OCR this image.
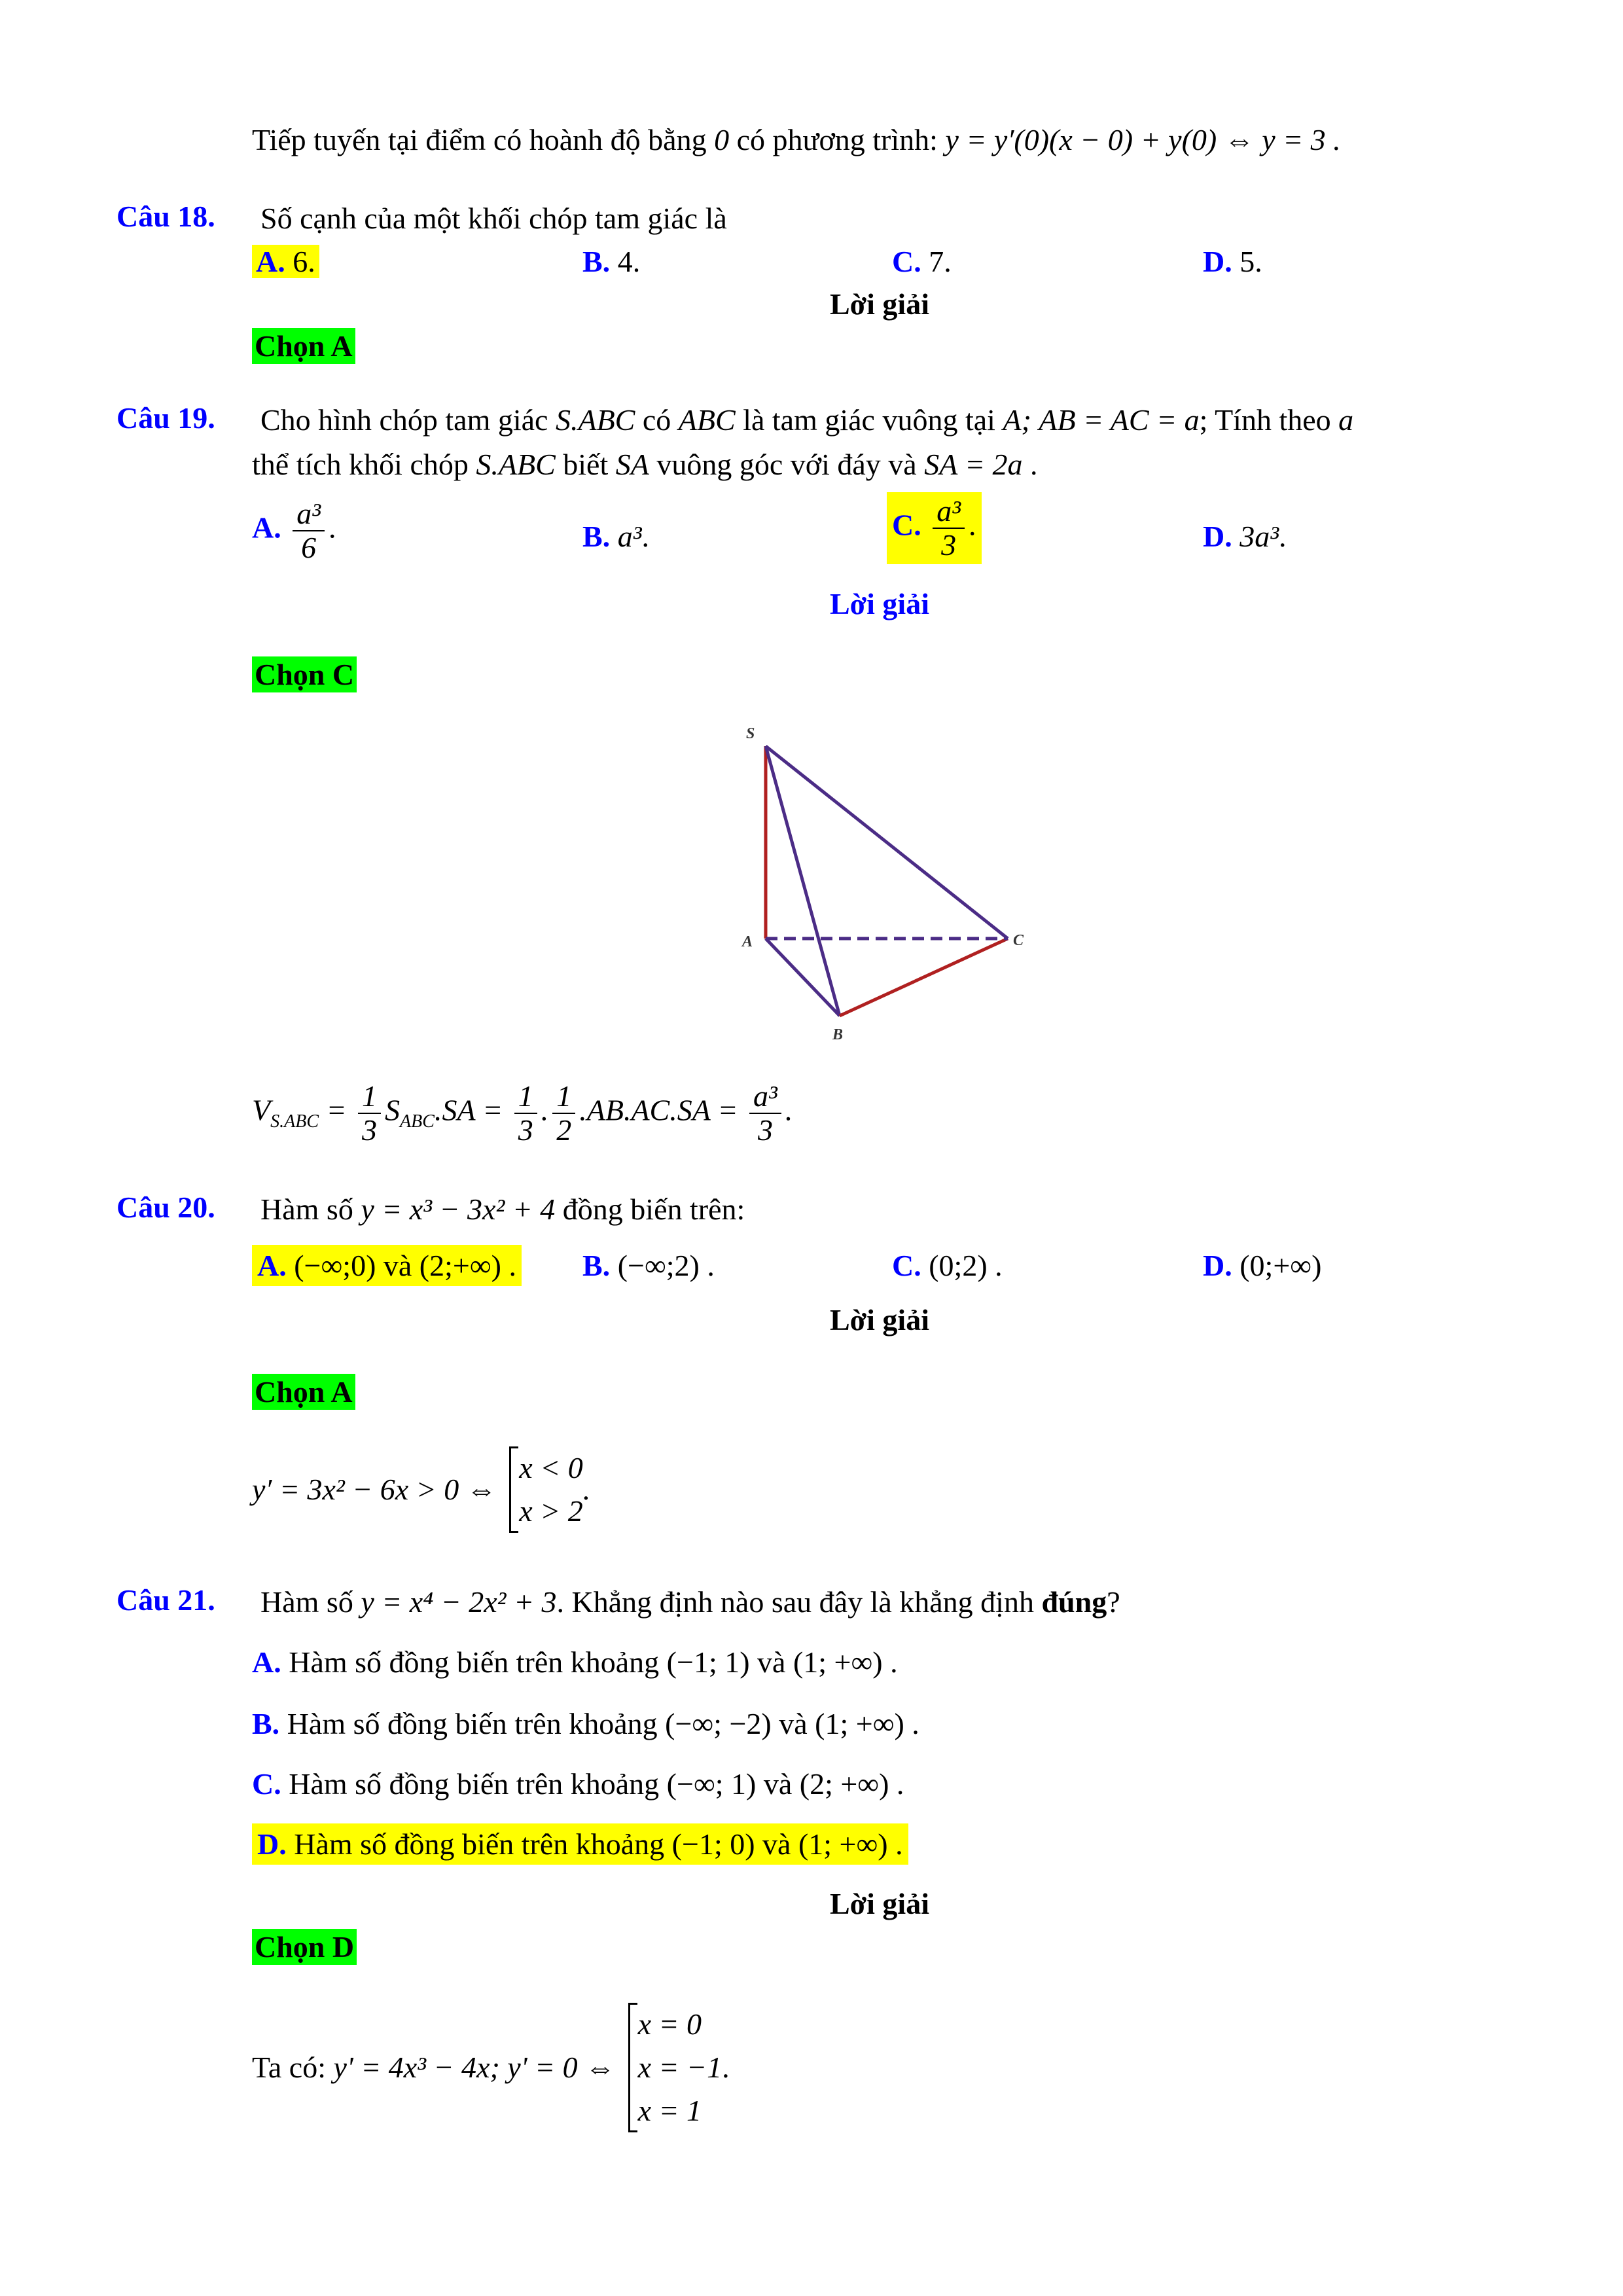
Tiếp tuyến tại điểm có hoành độ bằng 0 có phương trình: y = y′(0)(x − 0) + y(0) ⇔ y = 3 .
Câu 18. Số cạnh của một khối chóp tam giác là
A. 6.	B. 4.	C. 7.	D. 5.
Lời giải
Chọn A
Câu 19. Cho hình chóp tam giác S.ABC có ABC là tam giác vuông tại A; AB = AC = a; Tính theo a
thể tích khối chóp S.ABC biết SA vuông góc với đáy và SA = 2a .
A. $\frac{\text{a³}}{6}$ .	B. a³.	C. $\frac{\text{a³}}{3}$ .	D. 3a³.
Lời giải
Chọn C
S
A
B
C
$V_{S.ABC} = \frac{1}{3} S_{ABC}.SA = \frac{1}{3}$ . $\frac{1}{2} .AB.AC.SA = \frac{\text{a³}}{3}$ .
Câu 20. Hàm số y = x³ − 3x² + 4 đồng biến trên:
A. (−∞;0) và (2;+∞) . B. (−∞;2) .	C. (0;2) .	D. (0;+∞)
Lời giải
Chọn A
y′ = 3x² − 6x > 0 ⇔
x < 0
x > 2
.
Câu 21. Hàm số y = x⁴ − 2x² + 3. Khẳng định nào sau đây là khẳng định đúng?
A. Hàm số đồng biến trên khoảng (−1; 1) và (1; +∞) .
B. Hàm số đồng biến trên khoảng (−∞; −2) và (1; +∞) .
C. Hàm số đồng biến trên khoảng (−∞; 1) và (2; +∞) .
D. Hàm số đồng biến trên khoảng (−1; 0) và (1; +∞) .
Lời giải
Chọn D
Ta có: y' = 4x³ − 4x; y' = 0 ⇔
x = 0
x = −1
x = 1
.
